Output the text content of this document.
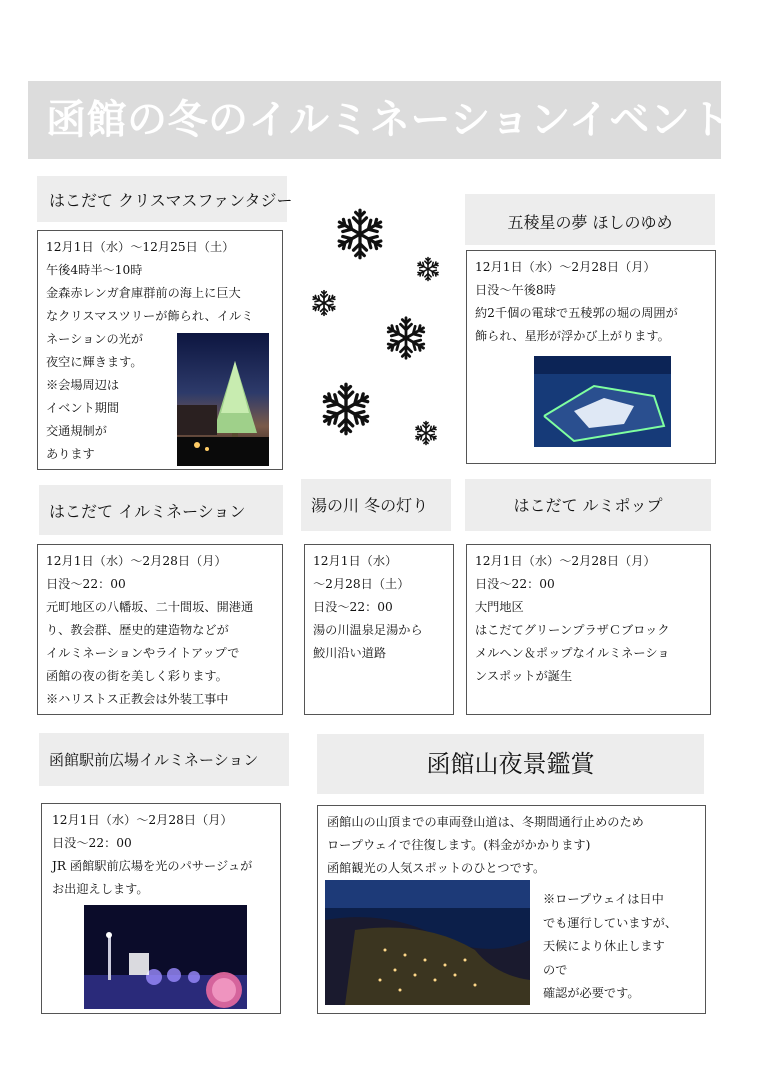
函館の冬のイルミネーションイベント
はこだて クリスマスファンタジー
12月1日（水）～12月25日（土）
午後4時半～10時
金森赤レンガ倉庫群前の海上に巨大
なクリスマスツリーが飾られ、イルミ
ネーションの光が
夜空に輝きます。
※会場周辺は
イベント期間
交通規制が
あります
五稜星の夢 ほしのゆめ
12月1日（水）～2月28日（月）
日没～午後8時
約2千個の電球で五稜郭の堀の周囲が
飾られ、星形が浮かび上がります。
はこだて イルミネーション
12月1日（水）～2月28日（月）
日没～22：00
元町地区の八幡坂、二十間坂、開港通
り、教会群、歴史的建造物などが
イルミネーションやライトアップで
函館の夜の街を美しく彩ります。
※ハリストス正教会は外装工事中
湯の川 冬の灯り
12月1日（水）
～2月28日（土）
日没～22：00
湯の川温泉足湯から
鮫川沿い道路
はこだて ルミポップ
12月1日（水）～2月28日（月）
日没～22：00
大門地区
はこだてグリーンプラザＣブロック
メルヘン＆ポップなイルミネーショ
ンスポットが誕生
函館駅前広場イルミネーション
12月1日（水）～2月28日（月）
日没～22：00
JR 函館駅前広場を光のパサージュが
お出迎えします。
函館山夜景鑑賞
函館山の山頂までの車両登山道は、冬期間通行止めのため
ロープウェイで往復します。(料金がかかります)
函館観光の人気スポットのひとつです。
※ロープウェイは日中
でも運行していますが、
天候により休止します
ので
確認が必要です。
